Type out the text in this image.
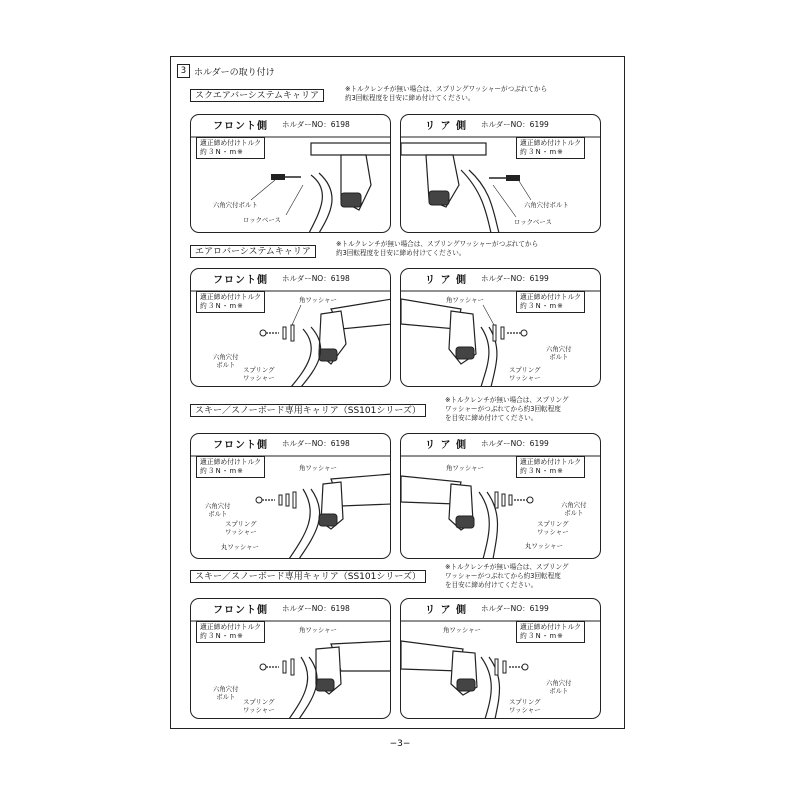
3 ホルダーの取り付け
スクエアバーシステムキャリア
※トルクレンチが無い場合は、スプリングワッシャーがつぶれてから
約3回転程度を目安に締め付けてください。
フロント側 ホルダーNO：6198
適正締め付けトルク
約３N・m※
六角穴付ボルト
ロックベース
リ ア 側 ホルダーNO：6199
適正締め付けトルク
約３N・m※
六角穴付ボルト
ロックベース
エアロバーシステムキャリア
※トルクレンチが無い場合は、スプリングワッシャーがつぶれてから
約3回転程度を目安に締め付けてください。
フロント側 ホルダーNO：6198
適正締め付けトルク
約３N・m※
角ワッシャー
六角穴付
ボルト
スプリング
ワッシャー
リ ア 側 ホルダーNO：6199
適正締め付けトルク
約３N・m※
角ワッシャー
六角穴付
ボルト
スプリング
ワッシャー
スキー／スノーボード専用キャリア（SS101シリーズ）
※トルクレンチが無い場合は、スプリング
ワッシャーがつぶれてから約3回転程度
を目安に締め付けてください。
フロント側 ホルダーNO：6198
適正締め付けトルク
約３N・m※	角ワッシャー
六角穴付
ボルト
スプリング
ワッシャー
丸ワッシャー
リ ア 側 ホルダーNO：6199
適正締め付けトルク
約３N・m※
角ワッシャー
六角穴付
ボルト
スプリング
ワッシャー
丸ワッシャー
スキー／スノーボード専用キャリア（SS101シリーズ）
※トルクレンチが無い場合は、スプリング
ワッシャーがつぶれてから約3回転程度
を目安に締め付けてください。
フロント側 ホルダーNO：6198
適正締め付けトルク
約３N・m※
角ワッシャー
六角穴付
ボルト
スプリング
ワッシャー
リ ア 側 ホルダーNO：6199
適正締め付けトルク
約３N・m※
角ワッシャー
六角穴付
ボルト
スプリング
ワッシャー
−3−
